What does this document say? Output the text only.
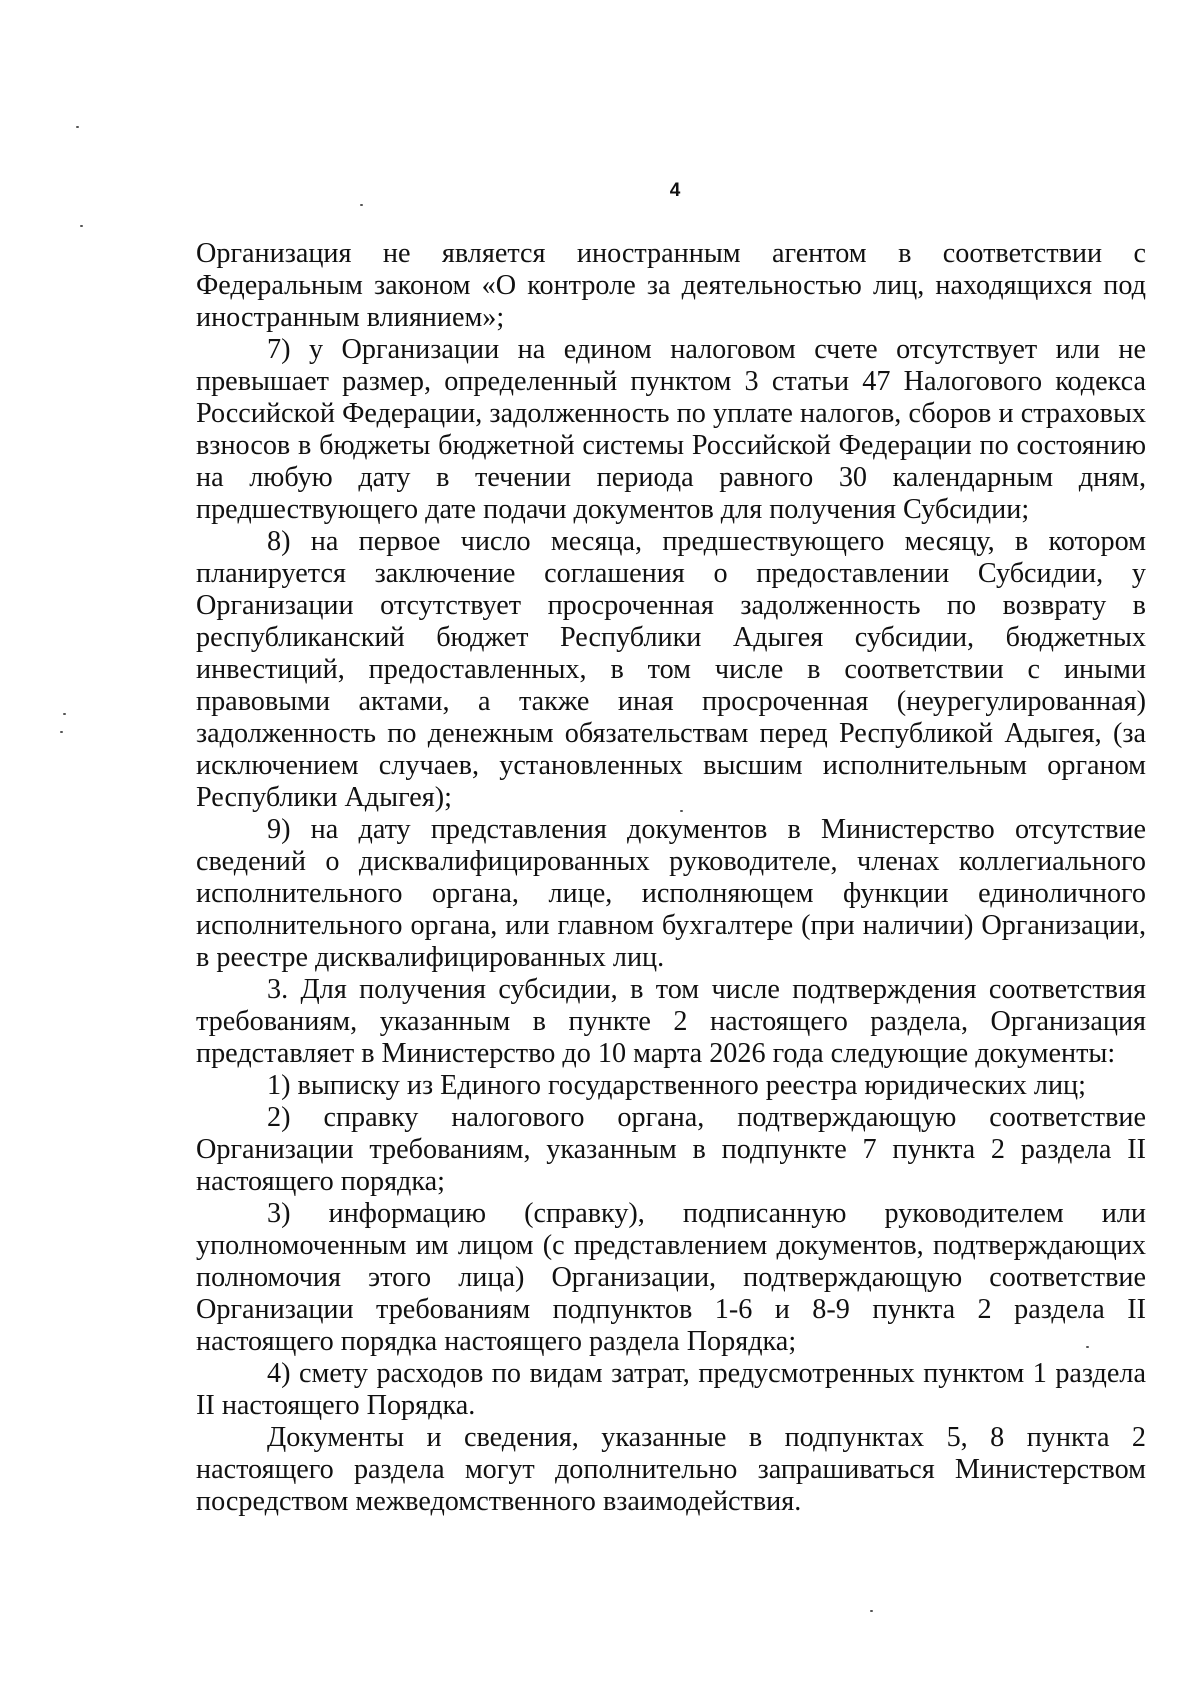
4

Организация не является иностранным агентом в соответствии с Федеральным законом «О контроле за деятельностью лиц, находящихся под иностранным влиянием»;

7) у Организации на едином налоговом счете отсутствует или не превышает размер, определенный пунктом 3 статьи 47 Налогового кодекса Российской Федерации, задолженность по уплате налогов, сборов и страховых взносов в бюджеты бюджетной системы Российской Федерации по состоянию на любую дату в течении периода равного 30 календарным дням, предшествующего дате подачи документов для получения Субсидии;

8) на первое число месяца, предшествующего месяцу, в котором планируется заключение соглашения о предоставлении Субсидии, у Организации отсутствует просроченная задолженность по возврату в республиканский бюджет Республики Адыгея субсидии, бюджетных инвестиций, предоставленных, в том числе в соответствии с иными правовыми актами, а также иная просроченная (неурегулированная) задолженность по денежным обязательствам перед Республикой Адыгея, (за исключением случаев, установленных высшим исполнительным органом Республики Адыгея);

9) на дату представления документов в Министерство отсутствие сведений о дисквалифицированных руководителе, членах коллегиального исполнительного органа, лице, исполняющем функции единоличного исполнительного органа, или главном бухгалтере (при наличии) Организации, в реестре дисквалифицированных лиц.

3. Для получения субсидии, в том числе подтверждения соответствия требованиям, указанным в пункте 2 настоящего раздела, Организация представляет в Министерство до 10 марта 2026 года следующие документы:

1) выписку из Единого государственного реестра юридических лиц;

2) справку налогового органа, подтверждающую соответствие Организации требованиям, указанным в подпункте 7 пункта 2 раздела II настоящего порядка;

3) информацию (справку), подписанную руководителем или уполномоченным им лицом (с представлением документов, подтверждающих полномочия этого лица) Организации, подтверждающую соответствие Организации требованиям подпунктов 1-6 и 8-9 пункта 2 раздела II настоящего порядка настоящего раздела Порядка;

4) смету расходов по видам затрат, предусмотренных пунктом 1 раздела II настоящего Порядка.

Документы и сведения, указанные в подпунктах 5, 8 пункта 2 настоящего раздела могут дополнительно запрашиваться Министерством посредством межведомственного взаимодействия.
